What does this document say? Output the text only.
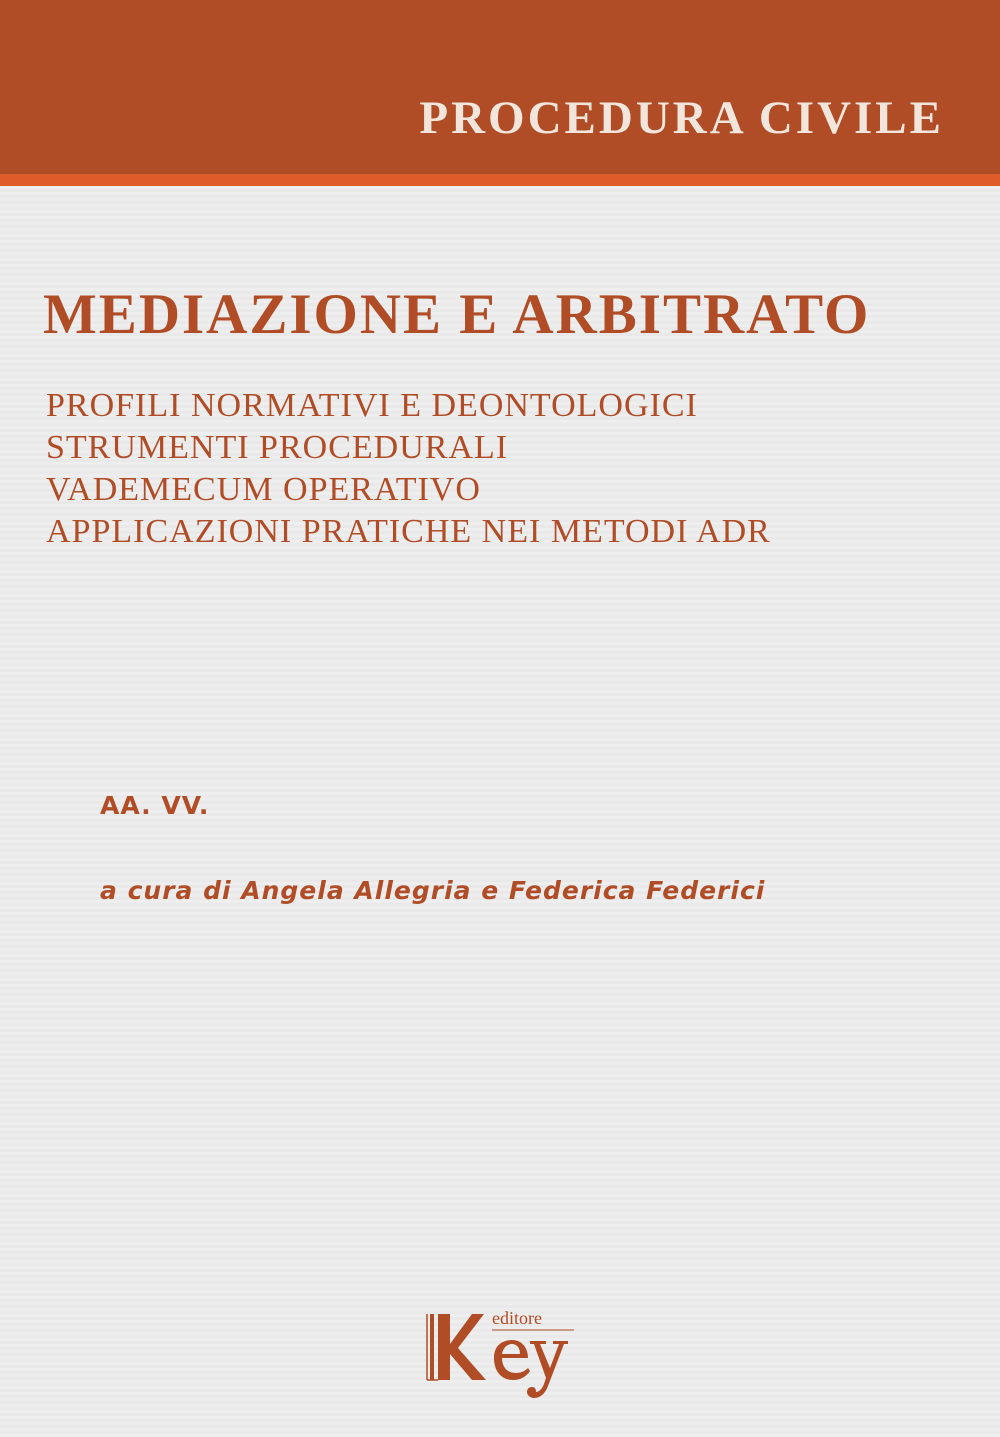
PROCEDURA CIVILE
MEDIAZIONE E ARBITRATO
PROFILI NORMATIVI E DEONTOLOGICI
STRUMENTI PROCEDURALI
VADEMECUM OPERATIVO
APPLICAZIONI PRATICHE NEI METODI ADR

AA. VV.

a cura di Angela Allegria e Federica Federici

editore
